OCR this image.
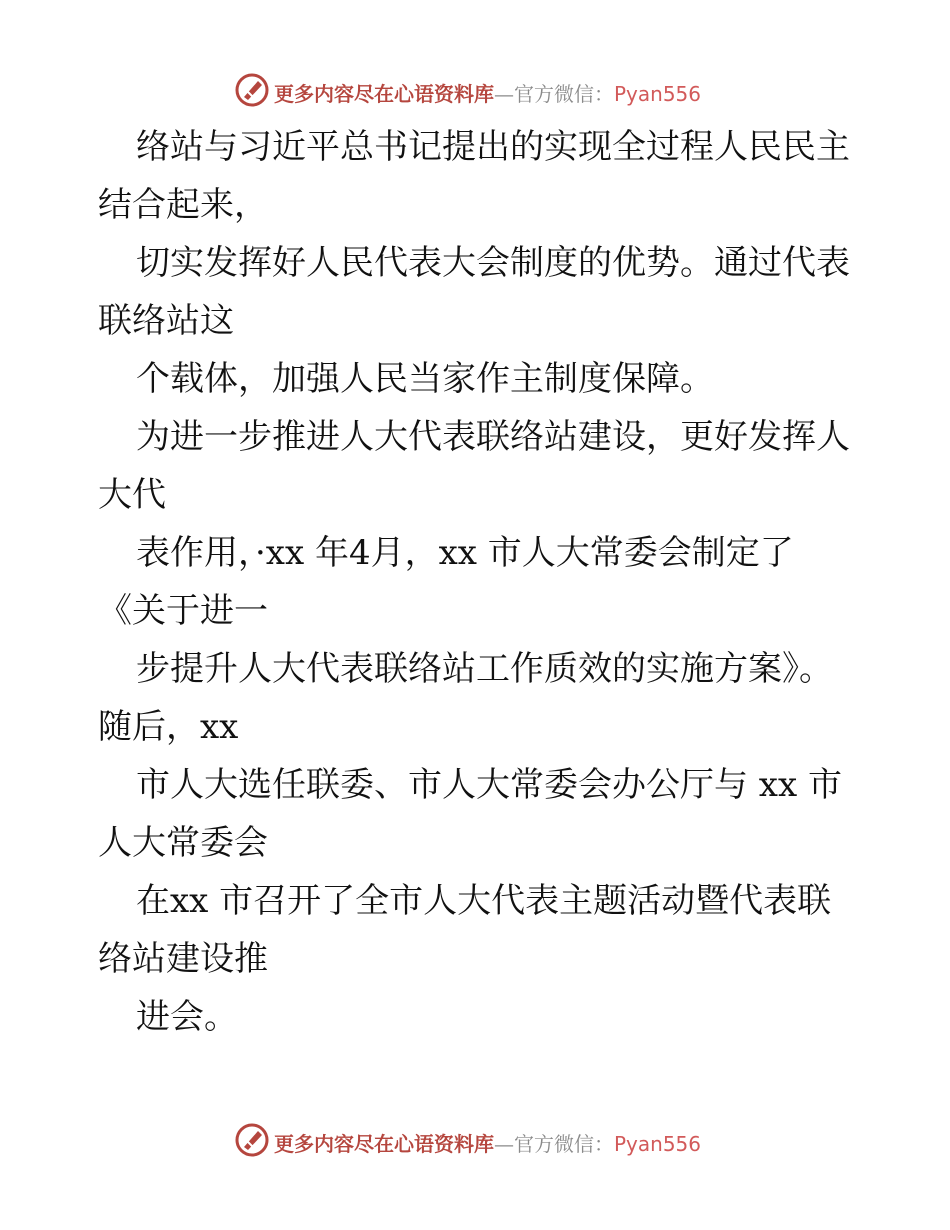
更多内容尽在心语资料库—官方微信：Pyan556
络站与习近平总书记提出的实现全过程人民民主
结合起来，
切实发挥好人民代表大会制度的优势。通过代表
联络站这
个载体，加强人民当家作主制度保障。
为进一步推进人大代表联络站建设，更好发挥人
大代
表作用，·xx 年4月，xx 市人大常委会制定了
《关于进一
步提升人大代表联络站工作质效的实施方案》。
随后，xx
市人大选任联委、市人大常委会办公厅与 xx 市
人大常委会
在xx 市召开了全市人大代表主题活动暨代表联
络站建设推
进会。
更多内容尽在心语资料库—官方微信：Pyan556
